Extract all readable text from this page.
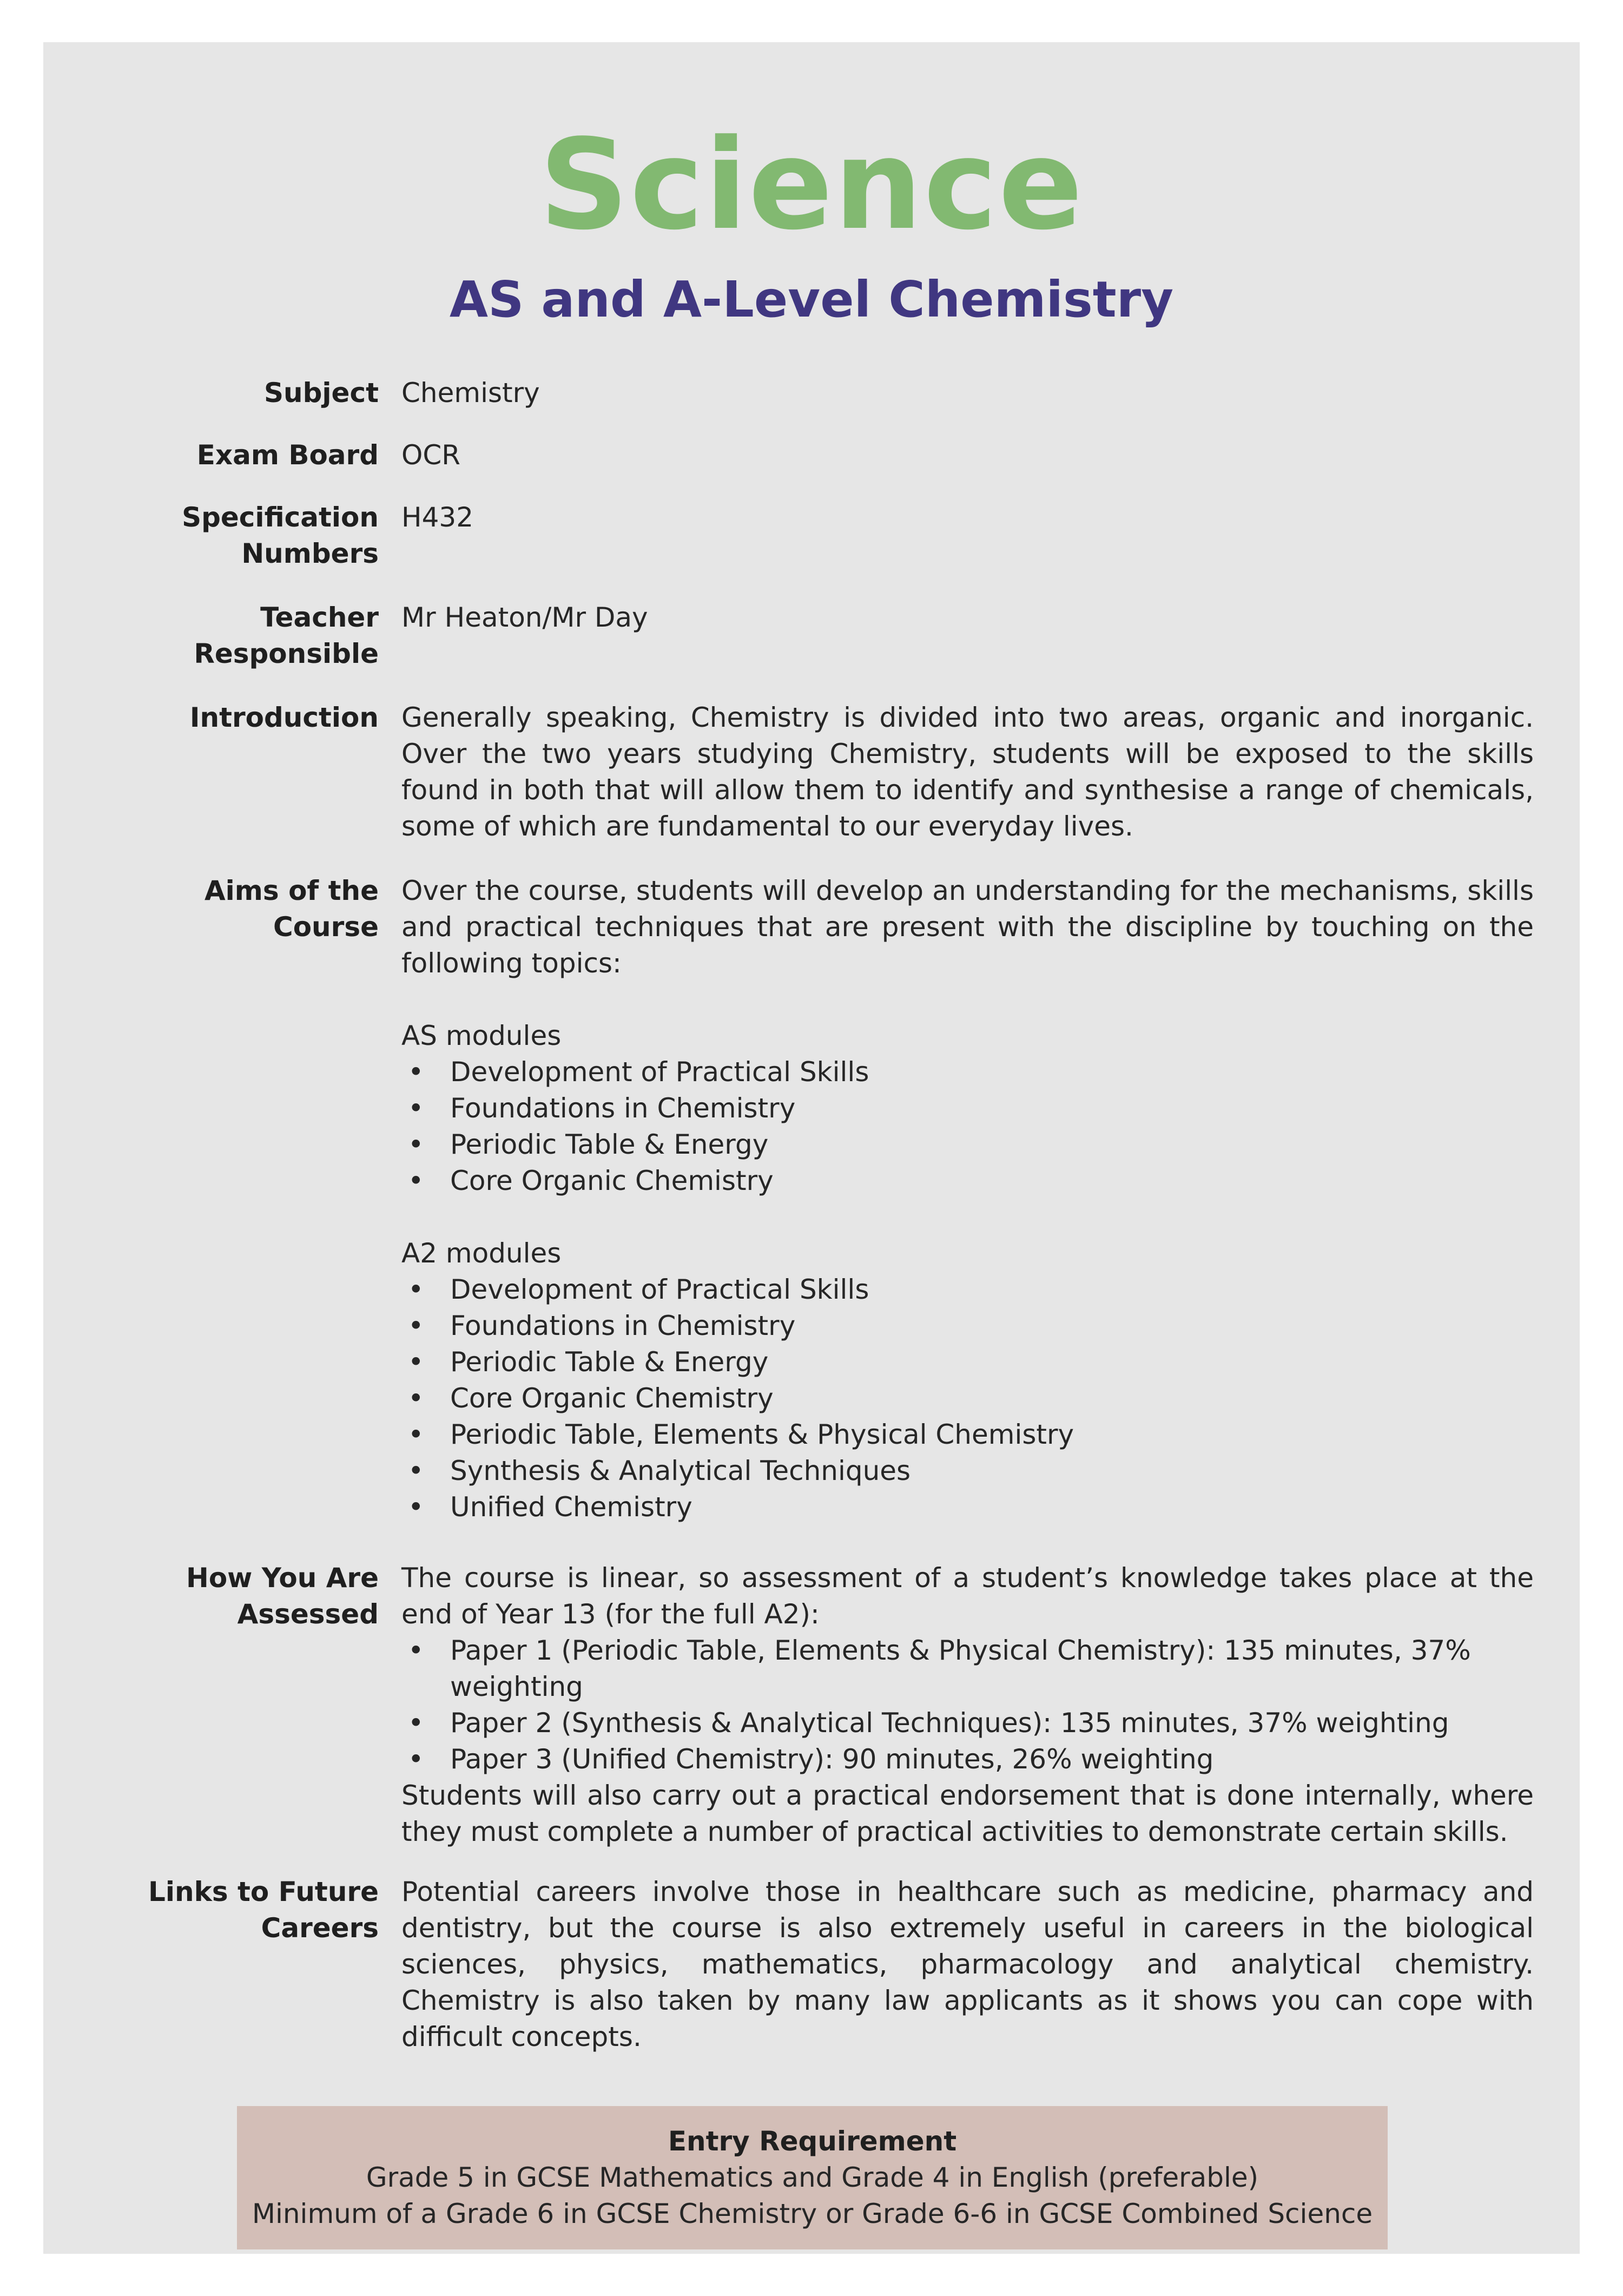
Science
AS and A-Level Chemistry
Subject Chemistry
Exam Board OCR
Specification
Numbers
H432
Teacher
Responsible
Mr Heaton/Mr Day
Introduction Generally speaking, Chemistry is divided into two areas, organic and inorganic. Over the two years studying Chemistry, students will be exposed to the skills found in both that will allow them to identify and synthesise a range of chemicals, some of which are fundamental to our everyday lives.

Aims of the
Course

Over the course, students will develop an understanding for the mechanisms, skills and practical techniques that are present with the discipline by touching on the following topics:

AS modules

• Development of Practical Skills
• Foundations in Chemistry
• Periodic Table & Energy
• Core Organic Chemistry

A2 modules

• Development of Practical Skills
• Foundations in Chemistry
• Periodic Table & Energy
• Core Organic Chemistry
• Periodic Table, Elements & Physical Chemistry
• Synthesis & Analytical Techniques
• Unified Chemistry
How You Are
Assessed

The course is linear, so assessment of a student’s knowledge takes place at the end of Year 13 (for the full A2):

• Paper 1 (Periodic Table, Elements & Physical Chemistry): 135 minutes, 37% weighting
• Paper 2 (Synthesis & Analytical Techniques): 135 minutes, 37% weighting
• Paper 3 (Unified Chemistry): 90 minutes, 26% weighting

Students will also carry out a practical endorsement that is done internally, where they must complete a number of practical activities to demonstrate certain skills.

Links to Future
Careers

Potential careers involve those in healthcare such as medicine, pharmacy and dentistry, but the course is also extremely useful in careers in the biological sciences, physics, mathematics, pharmacology and analytical chemistry. Chemistry is also taken by many law applicants as it shows you can cope with difficult concepts.

Entry Requirement
Grade 5 in GCSE Mathematics and Grade 4 in English (preferable)
Minimum of a Grade 6 in GCSE Chemistry or Grade 6-6 in GCSE Combined Science
